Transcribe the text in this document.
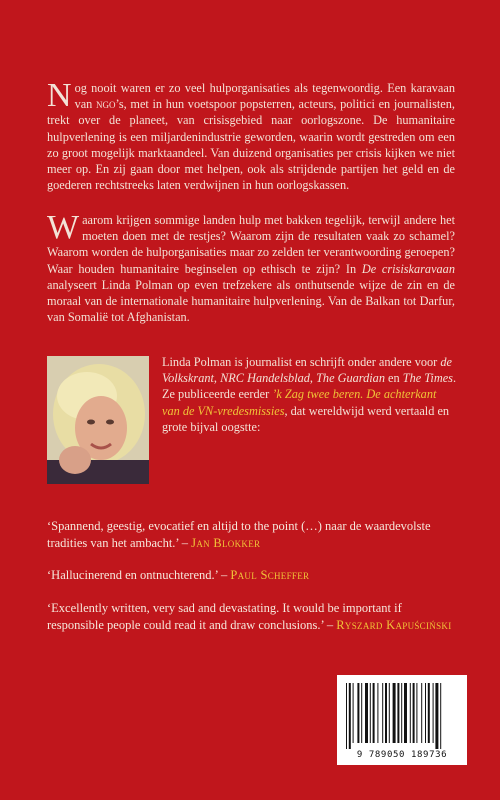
Nog nooit waren er zo veel hulporganisaties als tegenwoordig. Een karavaan van ngo’s, met in hun voetspoor popsterren, acteurs, politici en journalisten, trekt over de planeet, van crisisgebied naar oorlogszone. De humanitaire hulpverlening is een miljardenindustrie geworden, waarin wordt gestreden om een zo groot mogelijk marktaandeel. Van duizend organisaties per crisis kijken we niet meer op. En zij gaan door met helpen, ook als strijdende partijen het geld en de goederen rechtstreeks laten verdwijnen in hun oorlogskassen.

Waarom krijgen sommige landen hulp met bakken tegelijk, terwijl andere het moeten doen met de restjes? Waarom zijn de resultaten vaak zo schamel? Waarom worden de hulporganisaties maar zo zelden ter verantwoording geroepen? Waar houden humanitaire beginselen op ethisch te zijn? In De crisiskaravaan analyseert Linda Polman op even trefzekere als onthutsende wijze de zin en de moraal van de internationale humanitaire hulpverlening. Van de Balkan tot Darfur, van Somalië tot Afghanistan.

Linda Polman is journalist en schrijft onder andere voor de Volkskrant, NRC Handelsblad, The Guardian en The Times. Ze publiceerde eerder ’k Zag twee beren. De achterkant van de VN-vredesmissies, dat wereldwijd werd vertaald en grote bijval oogstte:

‘Spannend, geestig, evocatief en altijd to the point (…) naar de waardevolste tradities van het ambacht.’ – Jan Blokker

‘Hallucinerend en ontnuchterend.’ – Paul Scheffer

‘Excellently written, very sad and devastating. It would be important if responsible people could read it and draw conclusions.’ – Ryszard Kapuściński

9 789050 189736
